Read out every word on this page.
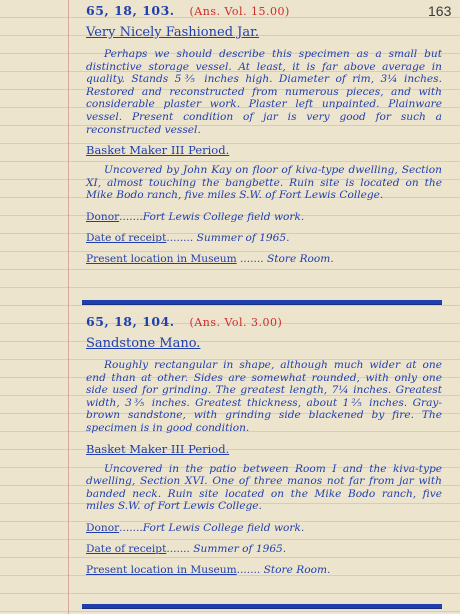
163
65, 18, 103. (Ans. Vol. 15.00)
Very Nicely Fashioned Jar.

Perhaps we should describe this specimen as a small but distinctive storage vessel. At least, it is far above average in quality. Stands 5⅗ inches high. Diameter of rim, 3¼ inches. Restored and reconstructed from numerous pieces, and with considerable plaster work. Plaster left unpainted. Plainware vessel. Present condition of jar is very good for such a reconstructed vessel.

Basket Maker III Period.

Uncovered by John Kay on floor of kiva-type dwelling, Section XI, almost touching the bangbette. Ruin site is located on the Mike Bodo ranch, five miles S.W. of Fort Lewis College.

Donor.......Fort Lewis College field work.
Date of receipt........ Summer of 1965.
Present location in Museum ....... Store Room.
65, 18, 104. (Ans. Vol. 3.00)
Sandstone Mano.

Roughly rectangular in shape, although much wider at one end than at other. Sides are somewhat rounded, with only one side used for grinding. The greatest length, 7¼ inches. Greatest width, 3⅗ inches. Greatest thickness, about 1⅖ inches. Gray-brown sandstone, with grinding side blackened by fire. The specimen is in good condition.

Basket Maker III Period.

Uncovered in the patio between Room I and the kiva-type dwelling, Section XVI. One of three manos not far from jar with banded neck. Ruin site located on the Mike Bodo ranch, five miles S.W. of Fort Lewis College.

Donor.......Fort Lewis College field work.
Date of receipt....... Summer of 1965.
Present location in Museum....... Store Room.
